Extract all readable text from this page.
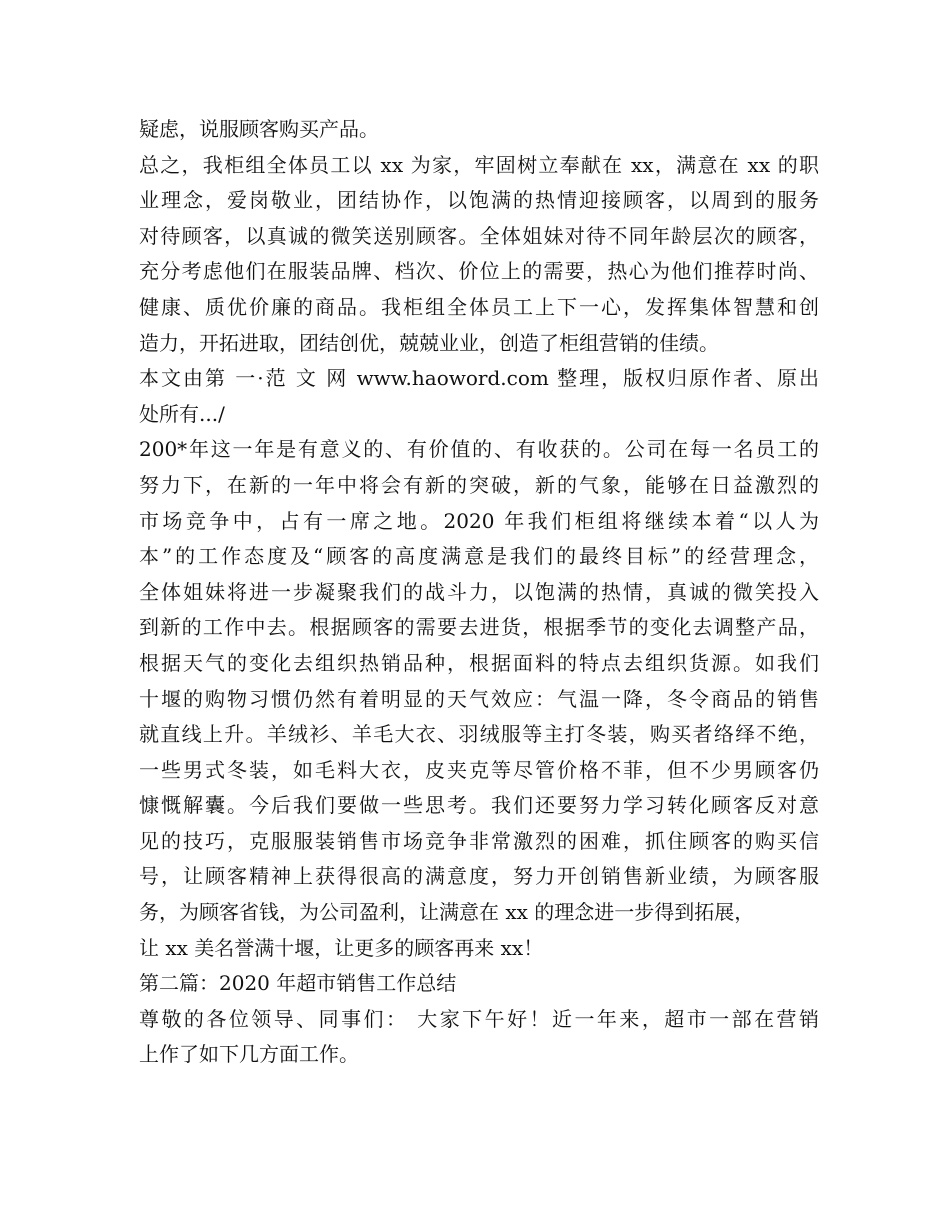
疑虑，说服顾客购买产品。
总之，我柜组全体员工以 xx 为家，牢固树立奉献在 xx，满意在 xx 的职
业理念，爱岗敬业，团结协作，以饱满的热情迎接顾客，以周到的服务
对待顾客，以真诚的微笑送别顾客。全体姐妹对待不同年龄层次的顾客，
充分考虑他们在服装品牌、档次、价位上的需要，热心为他们推荐时尚、
健康、质优价廉的商品。我柜组全体员工上下一心，发挥集体智慧和创
造力，开拓进取，团结创优，兢兢业业，创造了柜组营销的佳绩。
本文由第 一·范 文 网 www.haoword.com 整理，版权归原作者、原出
处所有.../
200*年这一年是有意义的、有价值的、有收获的。公司在每一名员工的
努力下，在新的一年中将会有新的突破，新的气象，能够在日益激烈的
市场竞争中，占有一席之地。2020 年我们柜组将继续本着“以人为
本”的工作态度及“顾客的高度满意是我们的最终目标”的经营理念，
全体姐妹将进一步凝聚我们的战斗力，以饱满的热情，真诚的微笑投入
到新的工作中去。根据顾客的需要去进货，根据季节的变化去调整产品，
根据天气的变化去组织热销品种，根据面料的特点去组织货源。如我们
十堰的购物习惯仍然有着明显的天气效应：气温一降，冬令商品的销售
就直线上升。羊绒衫、羊毛大衣、羽绒服等主打冬装，购买者络绎不绝，
一些男式冬装，如毛料大衣，皮夹克等尽管价格不菲，但不少男顾客仍
慷慨解囊。今后我们要做一些思考。我们还要努力学习转化顾客反对意
见的技巧，克服服装销售市场竞争非常激烈的困难，抓住顾客的购买信
号，让顾客精神上获得很高的满意度，努力开创销售新业绩，为顾客服
务，为顾客省钱，为公司盈利，让满意在 xx 的理念进一步得到拓展，
让 xx 美名誉满十堰，让更多的顾客再来 xx！
第二篇：2020 年超市销售工作总结
尊敬的各位领导、同事们： 大家下午好！近一年来，超市一部在营销
上作了如下几方面工作。
